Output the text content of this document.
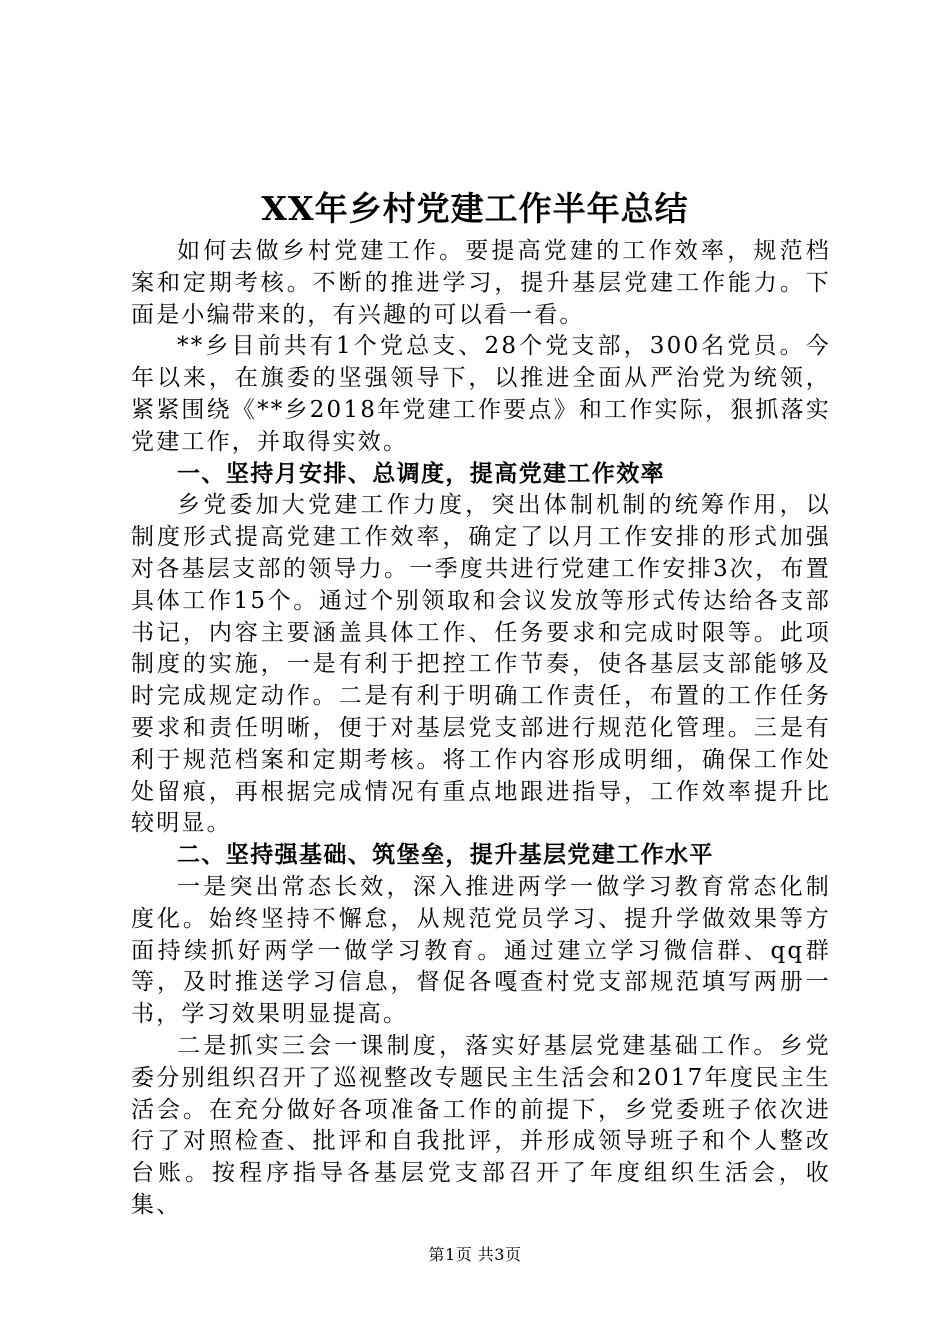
XX年乡村党建工作半年总结

如何去做乡村党建工作。要提高党建的工作效率，规范档案和定期考核。不断的推进学习，提升基层党建工作能力。下面是小编带来的，有兴趣的可以看一看。

**乡目前共有1个党总支、28个党支部，300名党员。今年以来，在旗委的坚强领导下，以推进全面从严治党为统领，紧紧围绕《**乡2018年党建工作要点》和工作实际，狠抓落实党建工作，并取得实效。

一、坚持月安排、总调度，提高党建工作效率

乡党委加大党建工作力度，突出体制机制的统筹作用，以制度形式提高党建工作效率，确定了以月工作安排的形式加强对各基层支部的领导力。一季度共进行党建工作安排3次，布置具体工作15个。通过个别领取和会议发放等形式传达给各支部书记，内容主要涵盖具体工作、任务要求和完成时限等。此项制度的实施，一是有利于把控工作节奏，使各基层支部能够及时完成规定动作。二是有利于明确工作责任，布置的工作任务要求和责任明晰，便于对基层党支部进行规范化管理。三是有利于规范档案和定期考核。将工作内容形成明细，确保工作处处留痕，再根据完成情况有重点地跟进指导，工作效率提升比较明显。

二、坚持强基础、筑堡垒，提升基层党建工作水平

一是突出常态长效，深入推进两学一做学习教育常态化制度化。始终坚持不懈怠，从规范党员学习、提升学做效果等方面持续抓好两学一做学习教育。通过建立学习微信群、qq群等，及时推送学习信息，督促各嘎查村党支部规范填写两册一书，学习效果明显提高。

二是抓实三会一课制度，落实好基层党建基础工作。乡党委分别组织召开了巡视整改专题民主生活会和2017年度民主生活会。在充分做好各项准备工作的前提下，乡党委班子依次进行了对照检查、批评和自我批评，并形成领导班子和个人整改台账。按程序指导各基层党支部召开了年度组织生活会，收集、

第1页 共3页
